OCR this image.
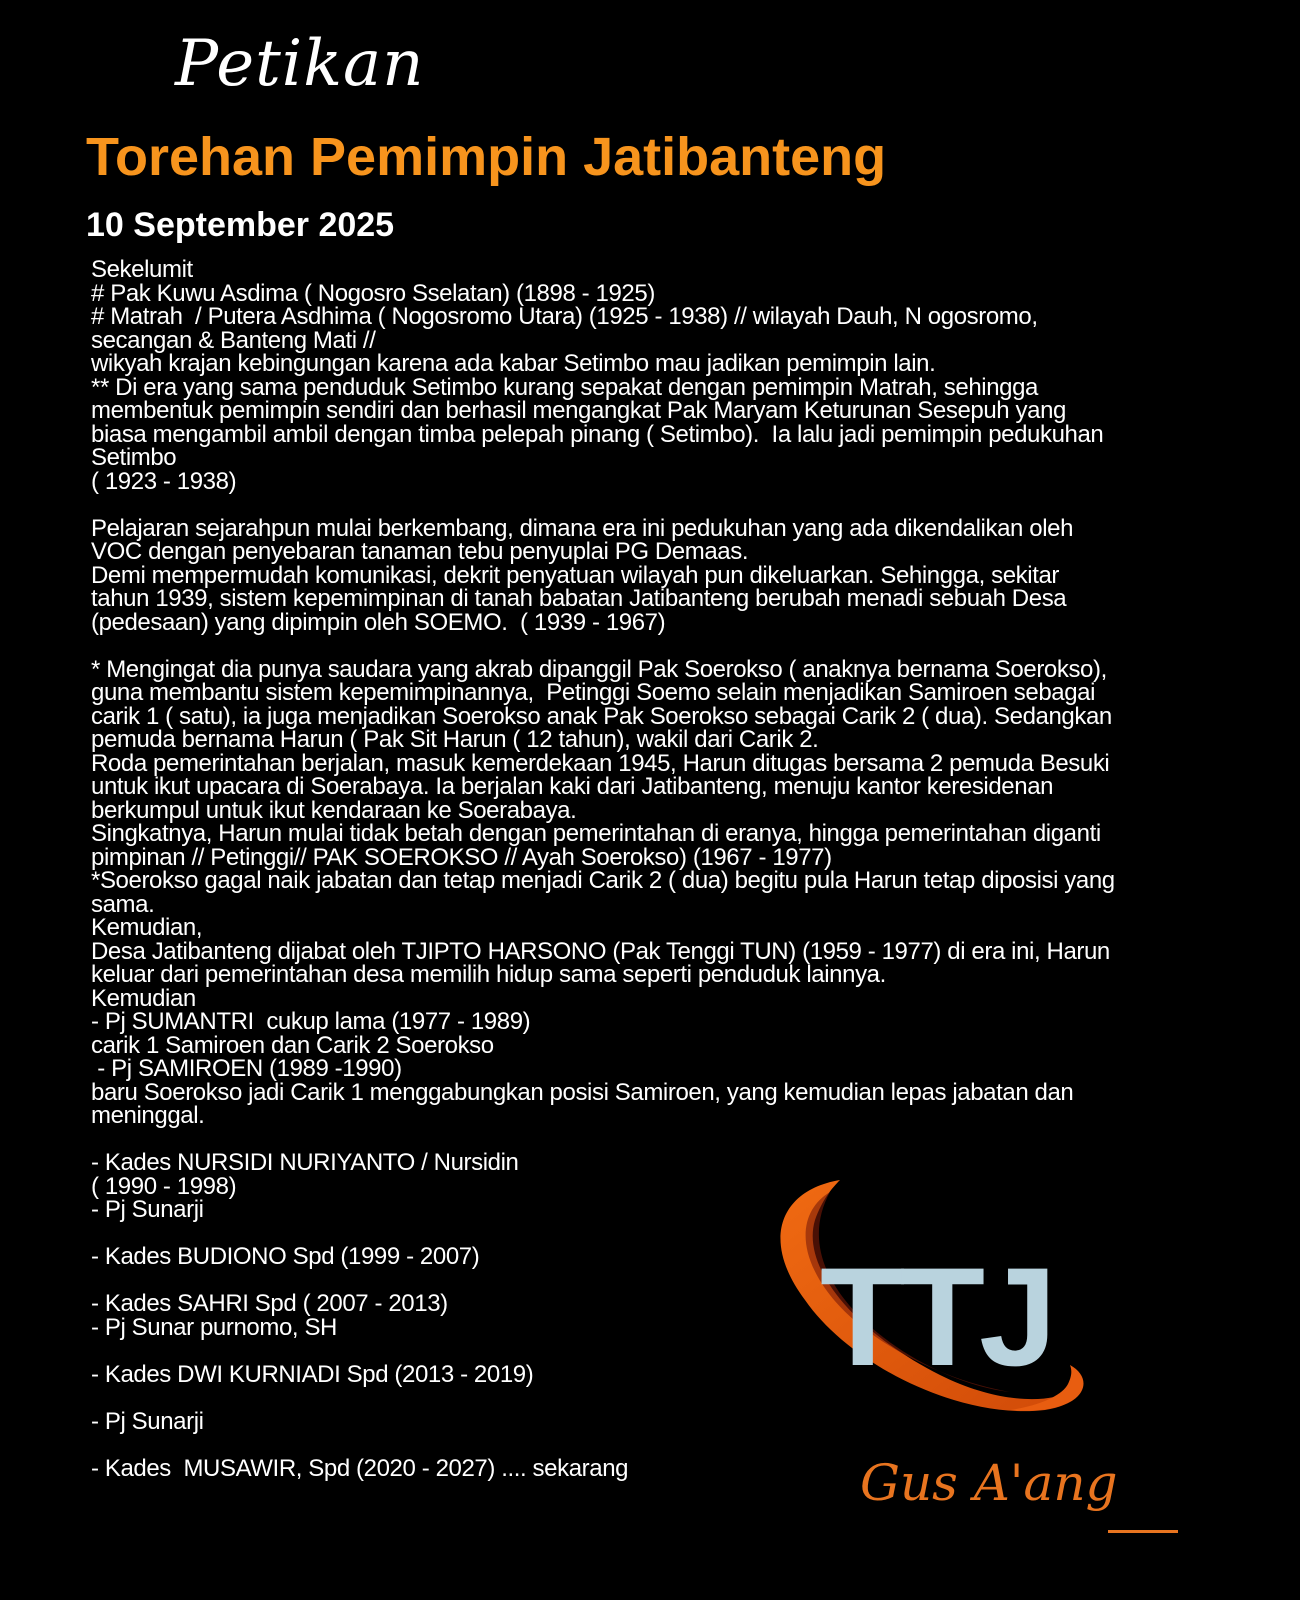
Petikan
Torehan Pemimpin Jatibanteng
10 September 2025
Sekelumit
# Pak Kuwu Asdima ( Nogosro Sselatan) (1898 - 1925)
# Matrah  / Putera Asdhima ( Nogosromo Utara) (1925 - 1938) // wilayah Dauh, N ogosromo,
secangan & Banteng Mati //
wikyah krajan kebingungan karena ada kabar Setimbo mau jadikan pemimpin lain.
** Di era yang sama penduduk Setimbo kurang sepakat dengan pemimpin Matrah, sehingga
membentuk pemimpin sendiri dan berhasil mengangkat Pak Maryam Keturunan Sesepuh yang
biasa mengambil ambil dengan timba pelepah pinang ( Setimbo).  Ia lalu jadi pemimpin pedukuhan
Setimbo
( 1923 - 1938)

Pelajaran sejarahpun mulai berkembang, dimana era ini pedukuhan yang ada dikendalikan oleh
VOC dengan penyebaran tanaman tebu penyuplai PG Demaas.
Demi mempermudah komunikasi, dekrit penyatuan wilayah pun dikeluarkan. Sehingga, sekitar
tahun 1939, sistem kepemimpinan di tanah babatan Jatibanteng berubah menadi sebuah Desa
(pedesaan) yang dipimpin oleh SOEMO.  ( 1939 - 1967)

* Mengingat dia punya saudara yang akrab dipanggil Pak Soerokso ( anaknya bernama Soerokso),
guna membantu sistem kepemimpinannya,  Petinggi Soemo selain menjadikan Samiroen sebagai
carik 1 ( satu), ia juga menjadikan Soerokso anak Pak Soerokso sebagai Carik 2 ( dua). Sedangkan
pemuda bernama Harun ( Pak Sit Harun ( 12 tahun), wakil dari Carik 2.
Roda pemerintahan berjalan, masuk kemerdekaan 1945, Harun ditugas bersama 2 pemuda Besuki
untuk ikut upacara di Soerabaya. Ia berjalan kaki dari Jatibanteng, menuju kantor keresidenan
berkumpul untuk ikut kendaraan ke Soerabaya.
Singkatnya, Harun mulai tidak betah dengan pemerintahan di eranya, hingga pemerintahan diganti
pimpinan // Petinggi// PAK SOEROKSO // Ayah Soerokso) (1967 - 1977)
*Soerokso gagal naik jabatan dan tetap menjadi Carik 2 ( dua) begitu pula Harun tetap diposisi yang
sama.
Kemudian,
Desa Jatibanteng dijabat oleh TJIPTO HARSONO (Pak Tenggi TUN) (1959 - 1977) di era ini, Harun
keluar dari pemerintahan desa memilih hidup sama seperti penduduk lainnya.
Kemudian
- Pj SUMANTRI  cukup lama (1977 - 1989)
carik 1 Samiroen dan Carik 2 Soerokso
- Pj SAMIROEN (1989 -1990)
baru Soerokso jadi Carik 1 menggabungkan posisi Samiroen, yang kemudian lepas jabatan dan
meninggal.

- Kades NURSIDI NURIYANTO / Nursidin
( 1990 - 1998)
- Pj Sunarji

- Kades BUDIONO Spd (1999 - 2007)

- Kades SAHRI Spd ( 2007 - 2013)
- Pj Sunar purnomo, SH

- Kades DWI KURNIADI Spd (2013 - 2019)

- Pj Sunarji

- Kades  MUSAWIR, Spd (2020 - 2027) .... sekarang
TTJ
Gus A'ang
